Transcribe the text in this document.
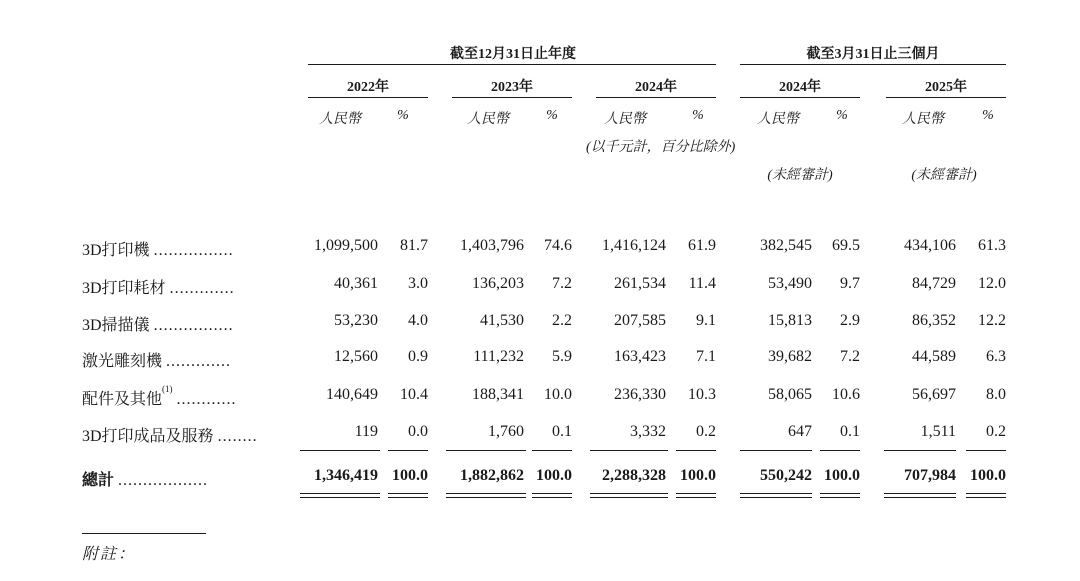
截至12月31日止年度	截至3月31日止三個月
2022年	2023年	2024年	2024年	2025年
人民幣	%	人民幣	%	人民幣	%	人民幣	%	人民幣	%
(以千元計，百分比除外)
(未經審計)	(未經審計)
3D打印機 ................	1,099,500	81.7	1,403,796	74.6	1,416,124	61.9	382,545	69.5	434,106	61.3
3D打印耗材 .............	40,361	3.0	136,203	7.2	261,534	11.4	53,490	9.7	84,729	12.0
3D掃描儀 ................	53,230	4.0	41,530	2.2	207,585	9.1	15,813	2.9	86,352	12.2
激光雕刻機 .............	12,560	0.9	111,232	5.9	163,423	7.1	39,682	7.2	44,589	6.3
配件及其他$^{(1)}$ ............	140,649	10.4	188,341	10.0	236,330	10.3	58,065	10.6	56,697	8.0
3D打印成品及服務 ........	119	0.0	1,760	0.1	3,332	0.2	647	0.1	1,511	0.2
總計 ..................	1,346,419 100.0	1,882,862 100.0	2,288,328 100.0	550,242 100.0	707,984 100.0
附註：
